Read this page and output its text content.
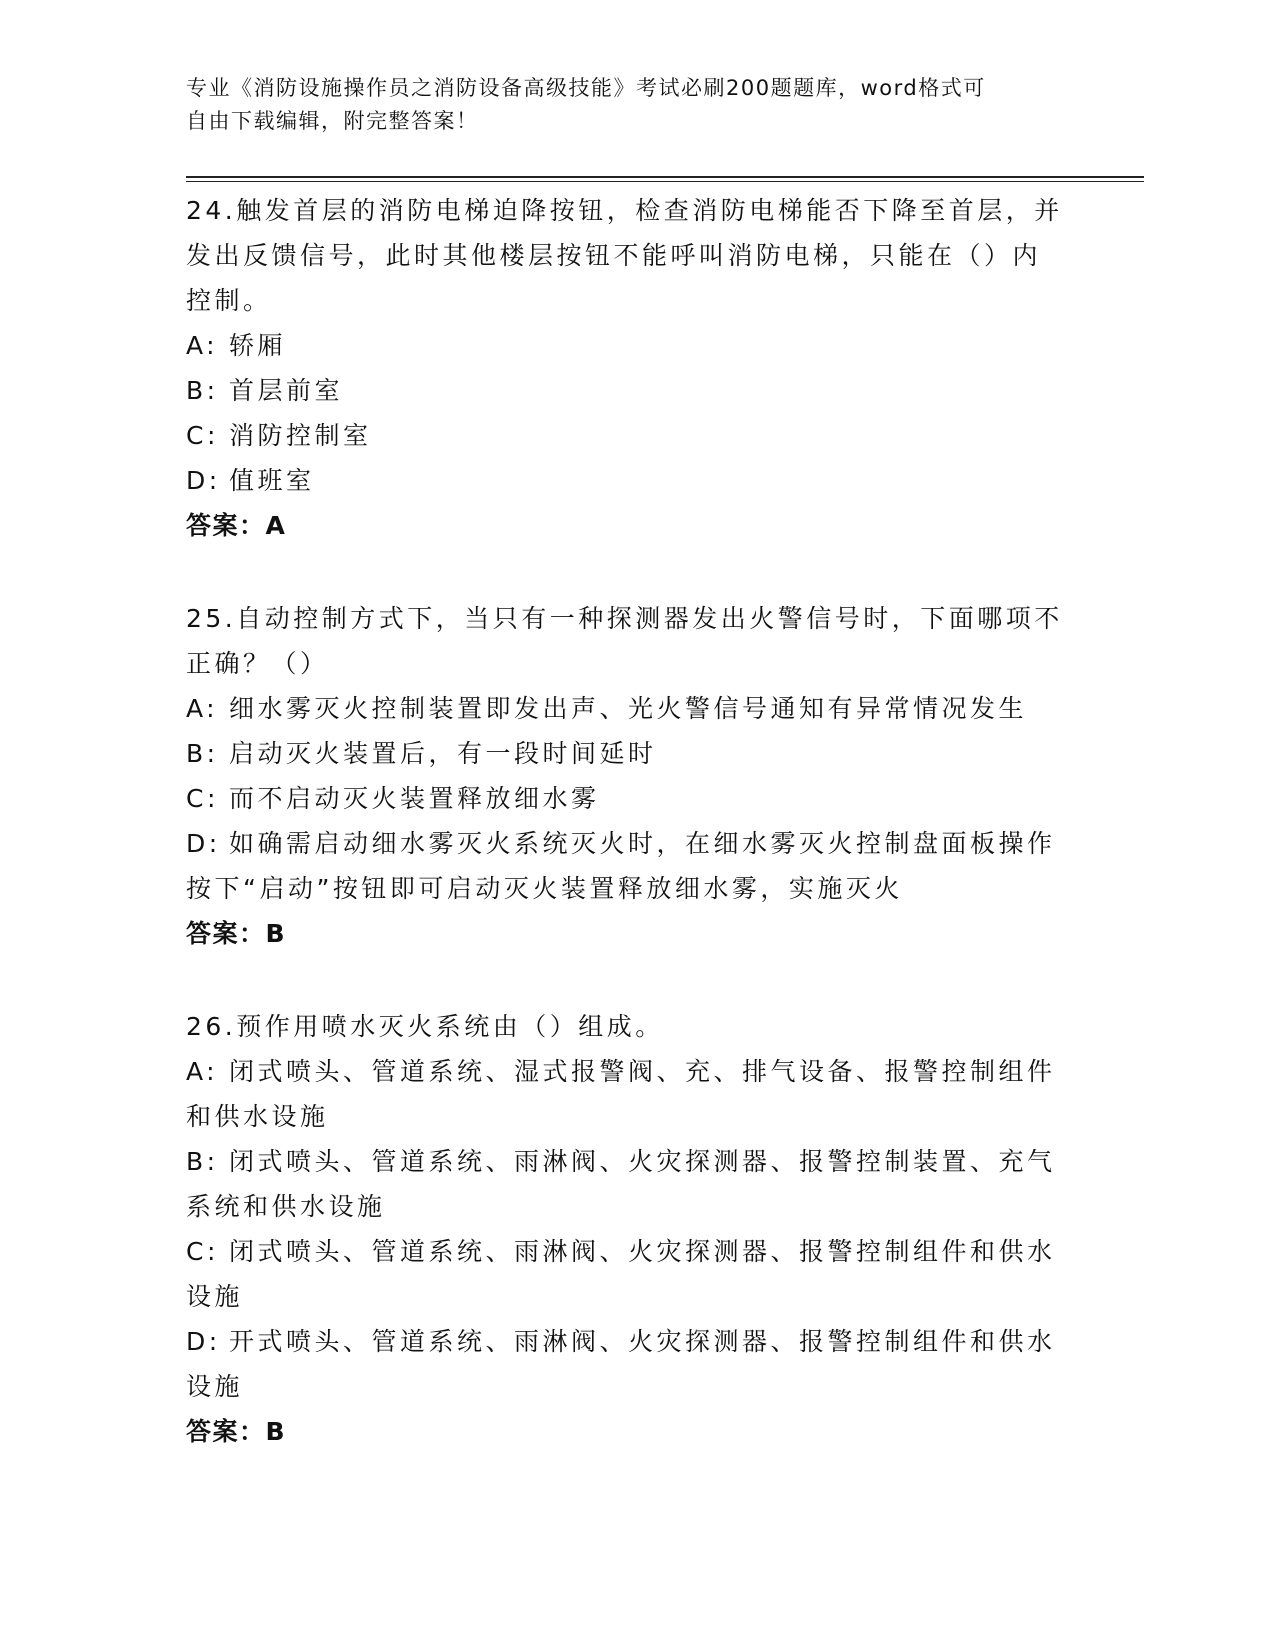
专业《消防设施操作员之消防设备高级技能》考试必刷200题题库，word格式可
自由下载编辑，附完整答案！
24.触发首层的消防电梯迫降按钮，检查消防电梯能否下降至首层，并
发出反馈信号，此时其他楼层按钮不能呼叫消防电梯，只能在（）内
控制。
A: 轿厢
B: 首层前室
C: 消防控制室
D: 值班室
答案：A
25.自动控制方式下，当只有一种探测器发出火警信号时，下面哪项不
正确？（）
A: 细水雾灭火控制装置即发出声、光火警信号通知有异常情况发生
B: 启动灭火装置后，有一段时间延时
C: 而不启动灭火装置释放细水雾
D: 如确需启动细水雾灭火系统灭火时，在细水雾灭火控制盘面板操作
按下“启动”按钮即可启动灭火装置释放细水雾，实施灭火
答案：B
26.预作用喷水灭火系统由（）组成。
A: 闭式喷头、管道系统、湿式报警阀、充、排气设备、报警控制组件
和供水设施
B: 闭式喷头、管道系统、雨淋阀、火灾探测器、报警控制装置、充气
系统和供水设施
C: 闭式喷头、管道系统、雨淋阀、火灾探测器、报警控制组件和供水
设施
D: 开式喷头、管道系统、雨淋阀、火灾探测器、报警控制组件和供水
设施
答案：B
